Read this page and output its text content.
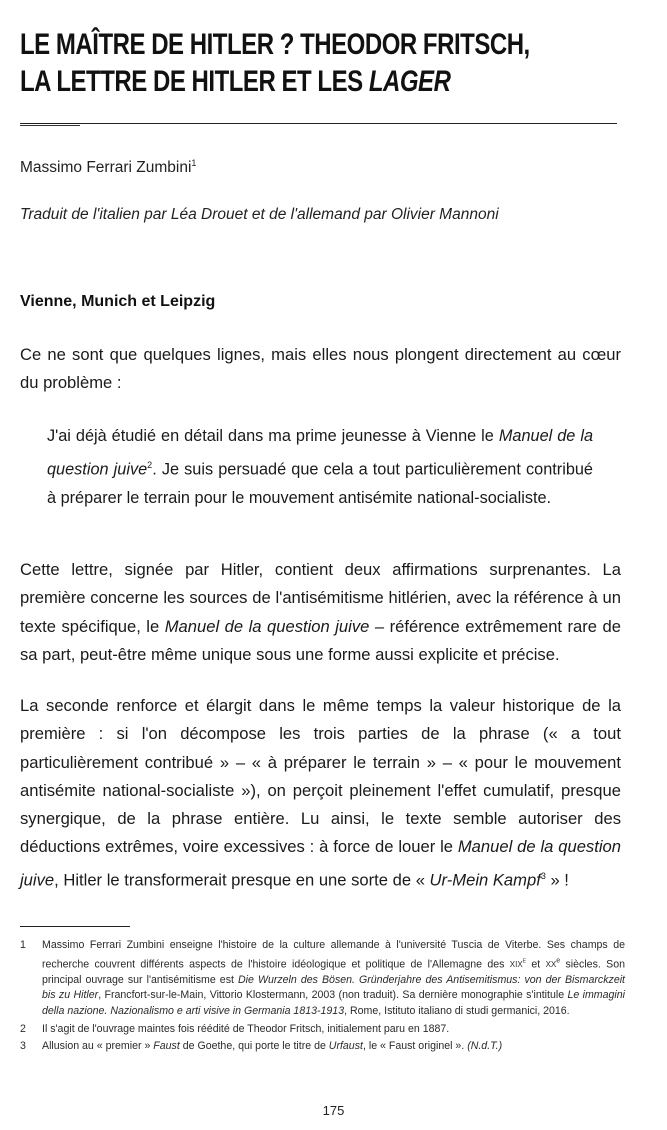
LE MAÎTRE DE HITLER ? THEODOR FRITSCH,
LA LETTRE DE HITLER ET LES LAGER
Massimo Ferrari Zumbini$^1$
Traduit de l'italien par Léa Drouet et de l'allemand par Olivier Mannoni
Vienne, Munich et Leipzig

Ce ne sont que quelques lignes, mais elles nous plongent directement au cœur du problème :

J'ai déjà étudié en détail dans ma prime jeunesse à Vienne le Manuel de la question juive$^2$. Je suis persuadé que cela a tout particulièrement contribué à préparer le terrain pour le mouvement antisémite national-socialiste.

Cette lettre, signée par Hitler, contient deux affirmations surprenantes. La première concerne les sources de l'antisémitisme hitlérien, avec la référence à un texte spécifique, le Manuel de la question juive – référence extrêmement rare de sa part, peut-être même unique sous une forme aussi explicite et précise.

La seconde renforce et élargit dans le même temps la valeur historique de la première : si l'on décompose les trois parties de la phrase (« a tout particulièrement contribué » – « à préparer le terrain » – « pour le mouvement antisémite national-socialiste »), on perçoit pleinement l'effet cumulatif, presque synergique, de la phrase entière. Lu ainsi, le texte semble autoriser des déductions extrêmes, voire excessives : à force de louer le Manuel de la question juive, Hitler le transformerait presque en une sorte de « Ur-Mein Kampf$^3$ » !

1	Massimo Ferrari Zumbini enseigne l'histoire de la culture allemande à l'université Tuscia de Viterbe. Ses champs de recherche couvrent différents aspects de l'histoire idéologique et politique de l'Allemagne des XIXe et XXe siècles. Son principal ouvrage sur l'antisémitisme est Die Wurzeln des Bösen. Gründerjahre des Antisemitismus: von der Bismarckzeit bis zu Hitler, Francfort-sur-le-Main, Vittorio Klostermann, 2003 (non traduit). Sa dernière monographie s'intitule Le immagini della nazione. Nazionalismo e arti visive in Germania 1813-1913, Rome, Istituto italiano di studi germanici, 2016.
2	Il s'agit de l'ouvrage maintes fois réédité de Theodor Fritsch, initialement paru en 1887.
3	Allusion au « premier » Faust de Goethe, qui porte le titre de Urfaust, le « Faust originel ». (N.d.T.)
175
